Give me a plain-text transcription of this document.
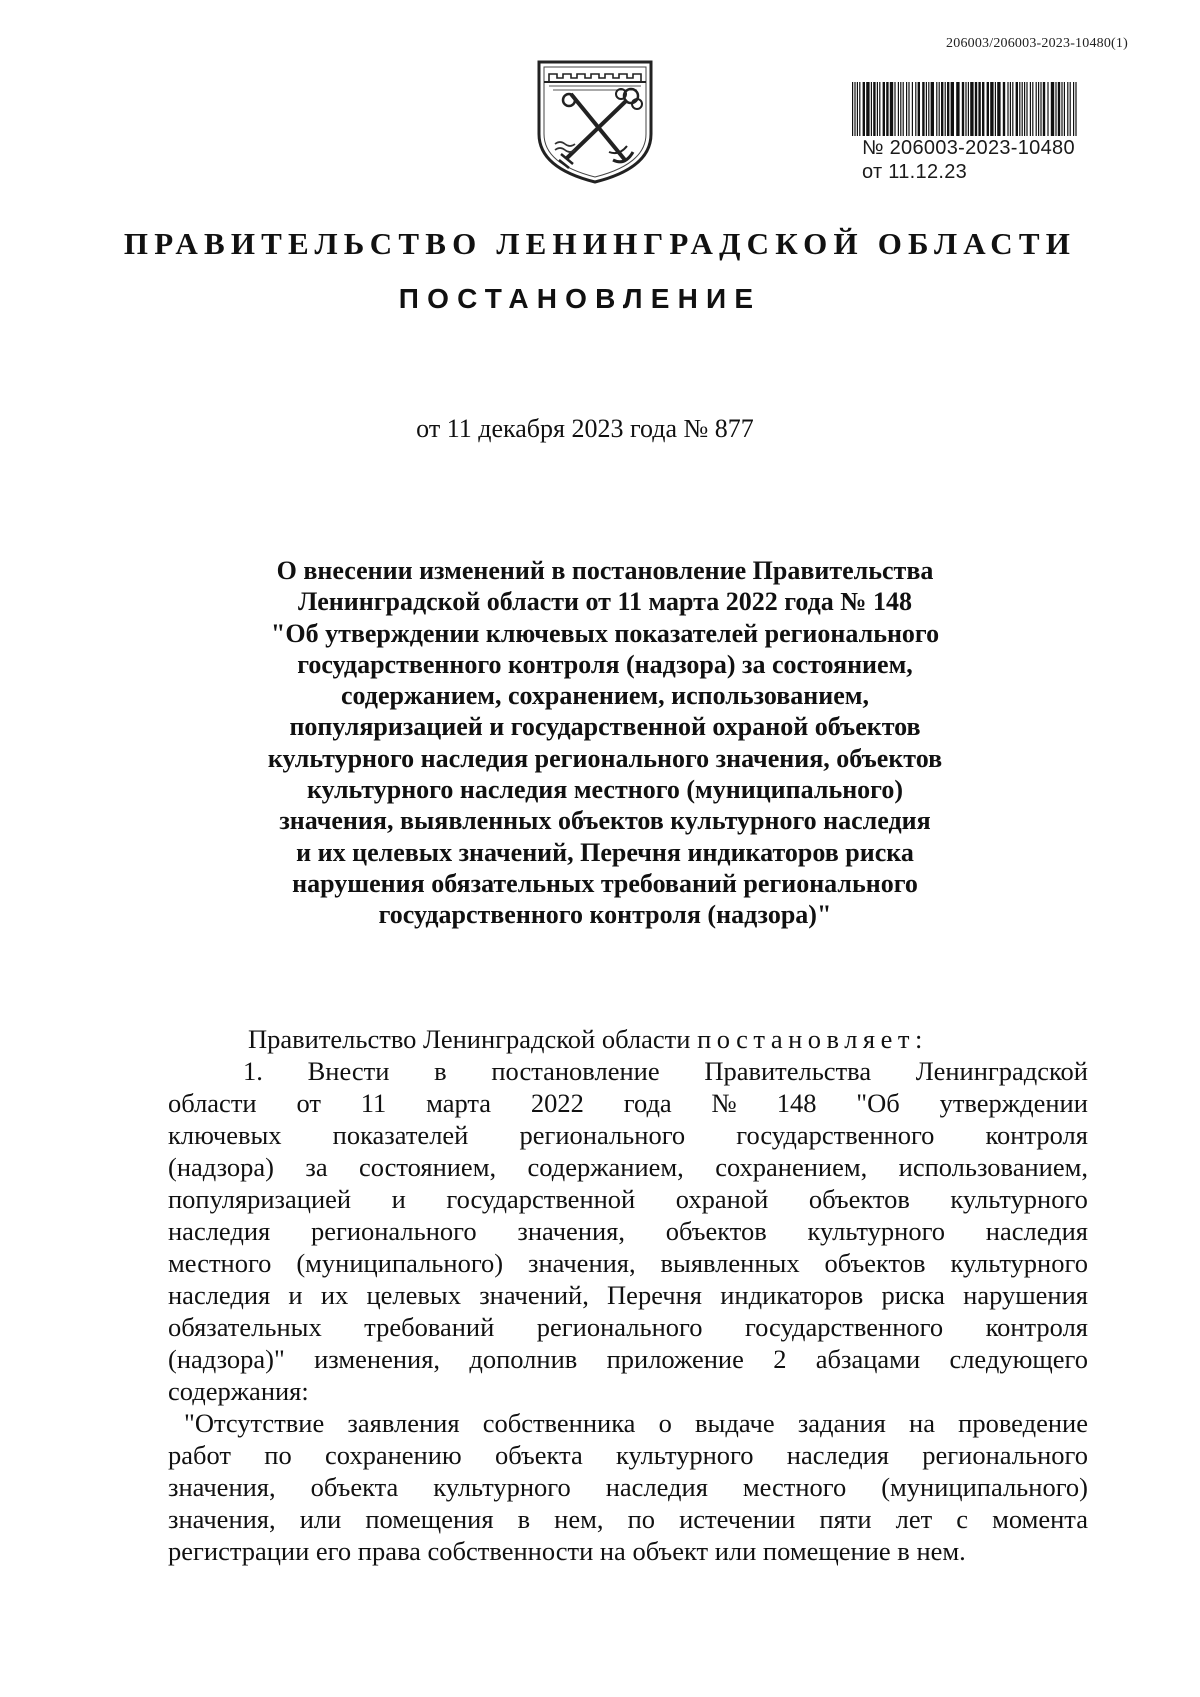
206003/206003-2023-10480(1)
№ 206003-2023-10480
от 11.12.23
ПРАВИТЕЛЬСТВО ЛЕНИНГРАДСКОЙ ОБЛАСТИ
ПОСТАНОВЛЕНИЕ
от 11 декабря 2023 года № 877
О внесении изменений в постановление Правительства
Ленинградской области от 11 марта 2022 года № 148
"Об утверждении ключевых показателей регионального
государственного контроля (надзора) за состоянием,
содержанием, сохранением, использованием,
популяризацией и государственной охраной объектов
культурного наследия регионального значения, объектов
культурного наследия местного (муниципального)
значения, выявленных объектов культурного наследия
и их целевых значений, Перечня индикаторов риска
нарушения обязательных требований регионального
государственного контроля (надзора)"
Правительство Ленинградской области постановляет:
1. Внести в постановление Правительства Ленинградской
области от 11 марта 2022 года № 148 "Об утверждении
ключевых показателей регионального государственного контроля
(надзора) за состоянием, содержанием, сохранением, использованием,
популяризацией и государственной охраной объектов культурного
наследия регионального значения, объектов культурного наследия
местного (муниципального) значения, выявленных объектов культурного
наследия и их целевых значений, Перечня индикаторов риска нарушения
обязательных требований регионального государственного контроля
(надзора)" изменения, дополнив приложение 2 абзацами следующего
содержания:
"Отсутствие заявления собственника о выдаче задания на проведение
работ по сохранению объекта культурного наследия регионального
значения, объекта культурного наследия местного (муниципального)
значения, или помещения в нем, по истечении пяти лет с момента
регистрации его права собственности на объект или помещение в нем.
